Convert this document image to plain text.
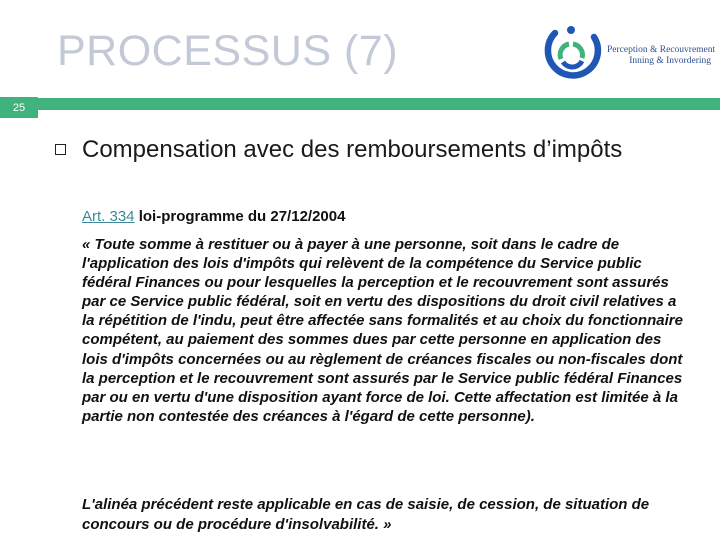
PROCESSUS (7)	Perception & Recouvrement
Inning & Invordering
25
Compensation avec des remboursements d’impôts
Art. 334 loi-programme du 27/12/2004
« Toute somme à restituer ou à payer à une personne, soit dans le cadre de l'application des lois d'impôts qui relèvent de la compétence du Service public fédéral Finances ou pour lesquelles la perception et le recouvrement sont assurés par ce Service public fédéral, soit en vertu des dispositions du droit civil relatives a la répétition de l'indu, peut être affectée sans formalités et au choix du fonctionnaire compétent, au paiement des sommes dues par cette personne en application des lois d'impôts concernées ou au règlement de créances fiscales ou non-fiscales dont la perception et le recouvrement sont assurés par le Service public fédéral Finances par ou en vertu d'une disposition ayant force de loi. Cette affectation est limitée à la partie non contestée des créances à l'égard de cette personne).
L'alinéa précédent reste applicable en cas de saisie, de cession, de situation de concours ou de procédure d'insolvabilité. »
